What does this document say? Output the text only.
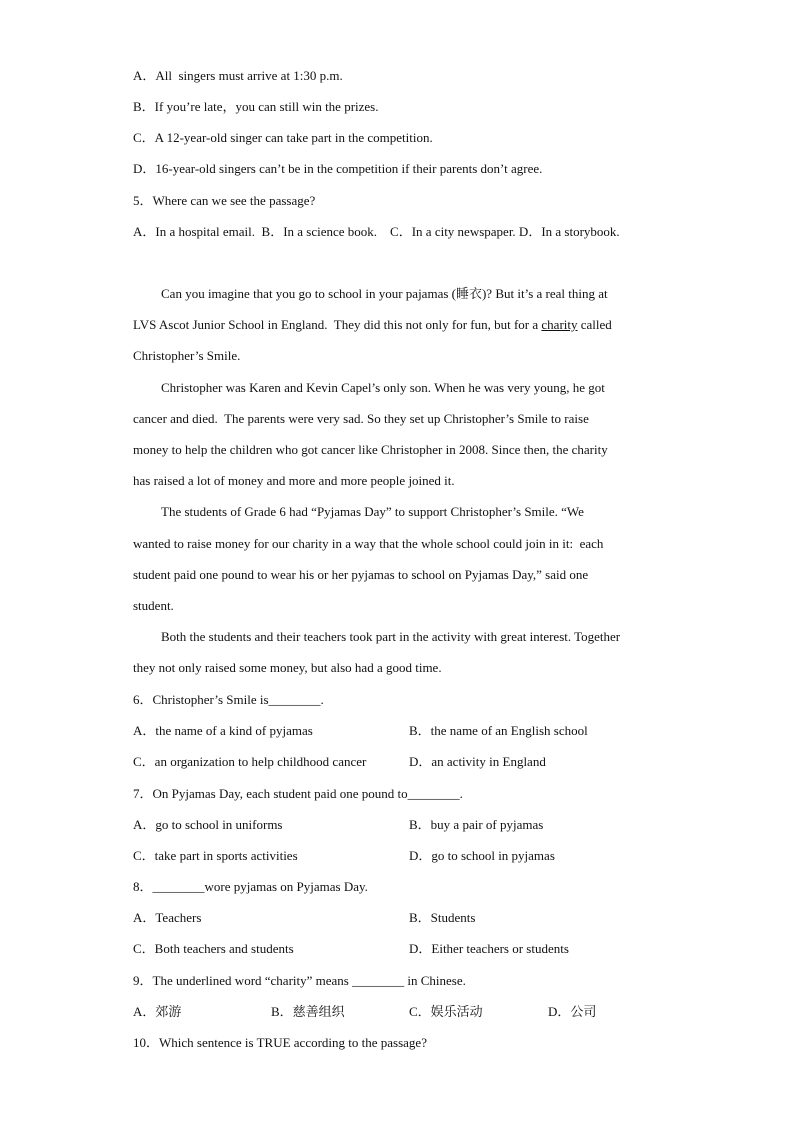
A．All  singers must arrive at 1:30 p.m.
B．If you’re late，you can still win the prizes.
C．A 12-year-old singer can take part in the competition.
D．16-year-old singers can’t be in the competition if their parents don’t agree.
5．Where can we see the passage?
A．In a hospital email.  B．In a science book.    C．In a city newspaper. D．In a storybook.
Can you imagine that you go to school in your pajamas (睡衣)? But it’s a real thing at
LVS Ascot Junior School in England.  They did this not only for fun, but for a charity called
Christopher’s Smile.
Christopher was Karen and Kevin Capel’s only son. When he was very young, he got
cancer and died.  The parents were very sad. So they set up Christopher’s Smile to raise
money to help the children who got cancer like Christopher in 2008. Since then, the charity
has raised a lot of money and more and more people joined it.
The students of Grade 6 had “Pyjamas Day” to support Christopher’s Smile. “We
wanted to raise money for our charity in a way that the whole school could join in it:  each
student paid one pound to wear his or her pyjamas to school on Pyjamas Day,” said one
student.
Both the students and their teachers took part in the activity with great interest. Together
they not only raised some money, but also had a good time.
6．Christopher’s Smile is________.
A．the name of a kind of pyjamas	B．the name of an English school
C．an organization to help childhood cancer	D．an activity in England
7．On Pyjamas Day, each student paid one pound to________.
A．go to school in uniforms	B．buy a pair of pyjamas
C．take part in sports activities	D．go to school in pyjamas
8．________wore pyjamas on Pyjamas Day.
A．Teachers	B．Students
C．Both teachers and students	D．Either teachers or students
9．The underlined word “charity” means ________ in Chinese.
A．郊游	B．慈善组织	C．娱乐活动	D．公司
10．Which sentence is TRUE according to the passage?
